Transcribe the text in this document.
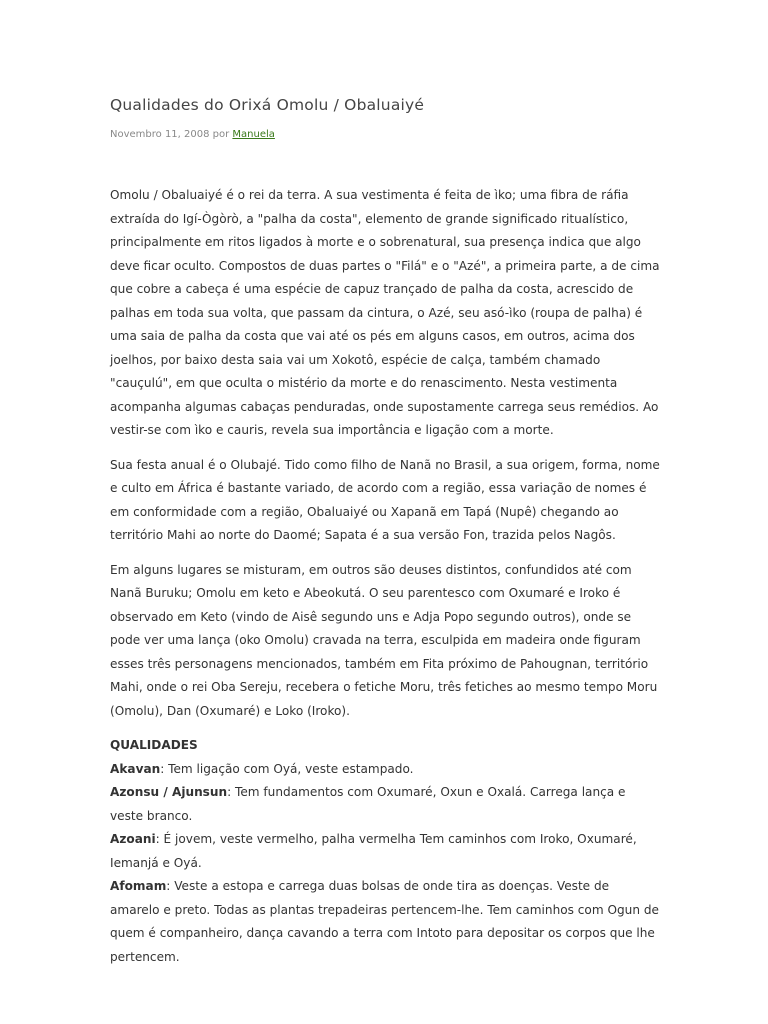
Qualidades do Orixá Omolu / Obaluaiyé
Novembro 11, 2008 por Manuela

Omolu / Obaluaiyé é o rei da terra. A sua vestimenta é feita de ìko; uma fibra de ráfia extraída do Igí-Ògòrò, a "palha da costa", elemento de grande significado ritualístico, principalmente em ritos ligados à morte e o sobrenatural, sua presença indica que algo deve ficar oculto. Compostos de duas partes o "Filá" e o "Azé", a primeira parte, a de cima que cobre a cabeça é uma espécie de capuz trançado de palha da costa, acrescido de palhas em toda sua volta, que passam da cintura, o Azé, seu asó-ìko (roupa de palha) é uma saia de palha da costa que vai até os pés em alguns casos, em outros, acima dos joelhos, por baixo desta saia vai um Xokotô, espécie de calça, também chamado "cauçulú", em que oculta o mistério da morte e do renascimento. Nesta vestimenta acompanha algumas cabaças penduradas, onde supostamente carrega seus remédios. Ao vestir-se com ìko e cauris, revela sua importância e ligação com a morte.

Sua festa anual é o Olubajé. Tido como filho de Nanã no Brasil, a sua origem, forma, nome e culto em África é bastante variado, de acordo com a região, essa variação de nomes é em conformidade com a região, Obaluaiyé ou Xapanã em Tapá (Nupê) chegando ao território Mahi ao norte do Daomé; Sapata é a sua versão Fon, trazida pelos Nagôs.

Em alguns lugares se misturam, em outros são deuses distintos, confundidos até com Nanã Buruku; Omolu em keto e Abeokutá. O seu parentesco com Oxumaré e Iroko é observado em Keto (vindo de Aisê segundo uns e Adja Popo segundo outros), onde se pode ver uma lança (oko Omolu) cravada na terra, esculpida em madeira onde figuram esses três personagens mencionados, também em Fita próximo de Pahougnan, território Mahi, onde o rei Oba Sereju, recebera o fetiche Moru, três fetiches ao mesmo tempo Moru (Omolu), Dan (Oxumaré) e Loko (Iroko).

QUALIDADES
Akavan: Tem ligação com Oyá, veste estampado.
Azonsu / Ajunsun: Tem fundamentos com Oxumaré, Oxun e Oxalá. Carrega lança e veste branco.
Azoani: É jovem, veste vermelho, palha vermelha Tem caminhos com Iroko, Oxumaré, Iemanjá e Oyá.
Afomam: Veste a estopa e carrega duas bolsas de onde tira as doenças. Veste de amarelo e preto. Todas as plantas trepadeiras pertencem-lhe. Tem caminhos com Ogun de quem é companheiro, dança cavando a terra com Intoto para depositar os corpos que lhe pertencem.
